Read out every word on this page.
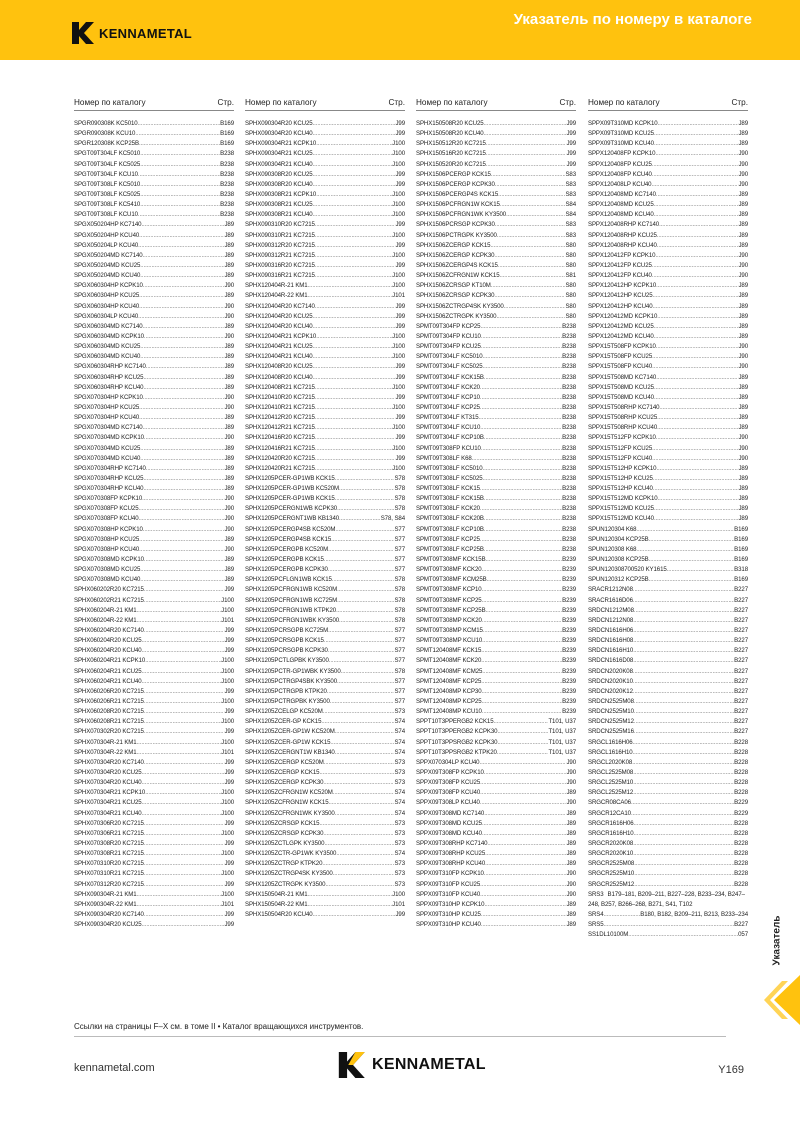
KENNAMETAL
Указатель по номеру в каталоге
Номер по каталогу	Стр.
SPGR090308K KC5010 .....	B169
SPGR090308K KCU10 .....	B169
SPGR120308K KCP25B .....	B169
SPGT09T304LF KC5010 .....	B238
SPGT09T304LF KC5025 .....	B238
SPGT09T304LF KCU10 .....	B238
SPGT09T308LF KC5010 .....	B238
SPGT09T308LF KC5025 .....	B238
SPGT09T308LF KC5410 .....	B238
SPGT09T308LF KCU10 .....	B238
SPGX050204HP KC7140 .....	J89
SPGX050204HP KCU40 .....	J89
SPGX050204LP KCU40 .....	J89
SPGX050204MD KC7140 .....	J89
SPGX050204MD KCU25 .....	J89
SPGX050204MD KCU40 .....	J89
SPGX060304HP KCPK10 .....	J90
SPGX060304HP KCU25 .....	J89
SPGX060304HP KCU40 .....	J90
SPGX060304LP KCU40 .....	J90
SPGX060304MD KC7140 .....	J89
SPGX060304MD KCPK10 .....	J90
SPGX060304MD KCU25 .....	J89
SPGX060304MD KCU40 .....	J89
SPGX060304RHP KC7140 .....	J89
SPGX060304RHP KCU25 .....	J89
SPGX060304RHP KCU40 .....	J89
SPGX070304HP KCPK10 .....	J90
SPGX070304HP KCU25 .....	J90
SPGX070304HP KCU40 .....	J89
SPGX070304MD KC7140 .....	J89
SPGX070304MD KCPK10 .....	J90
SPGX070304MD KCU25 .....	J89
SPGX070304MD KCU40 .....	J89
SPGX070304RHP KC7140 .....	J89
SPGX070304RHP KCU25 .....	J89
SPGX070304RHP KCU40 .....	J89
SPGX070308FP KCPK10 .....	J90
SPGX070308FP KCU25 .....	J90
SPGX070308FP KCU40 .....	J90
SPGX070308HP KCPK10 .....	J90
SPGX070308HP KCU25 .....	J89
SPGX070308HP KCU40 .....	J90
SPGX070308MD KCPK10 .....	J89
SPGX070308MD KCU25 .....	J89
SPGX070308MD KCU40 .....	J89
SPHX060202R20 KC7215 .....	J99
SPHX060202R21 KC7215 .....	J100
SPHX060204R-21 KM1 .....	J100
SPHX060204R-22 KM1 .....	J101
SPHX060204R20 KC7140 .....	J99
SPHX060204R20 KCU25 .....	J99
SPHX060204R20 KCU40 .....	J99
SPHX060204R21 KCPK10 .....	J100
SPHX060204R21 KCU25 .....	J100
SPHX060204R21 KCU40 .....	J100
SPHX060206R20 KC7215 .....	J99
SPHX060206R21 KC7215 .....	J100
SPHX060208R20 KC7215 .....	J99
SPHX060208R21 KC7215 .....	J100
SPHX070302R20 KC7215 .....	J99
SPHX070304R-21 KM1 .....	J100
SPHX070304R-22 KM1 .....	J101
SPHX070304R20 KC7140 .....	J99
SPHX070304R20 KCU25 .....	J99
SPHX070304R20 KCU40 .....	J99
SPHX070304R21 KCPK10 .....	J100
SPHX070304R21 KCU25 .....	J100
SPHX070304R21 KCU40 .....	J100
SPHX070306R20 KC7215 .....	J99
SPHX070306R21 KC7215 .....	J100
SPHX070308R20 KC7215 .....	J99
SPHX070308R21 KC7215 .....	J100
SPHX070310R20 KC7215 .....	J99
SPHX070310R21 KC7215 .....	J100
SPHX070312R20 KC7215 .....	J99
SPHX090304R-21 KM1 .....	J100
SPHX090304R-22 KM1 .....	J101
SPHX090304R20 KC7140 .....	J99
SPHX090304R20 KCU25 .....	J99
Номер по каталогу	Стр.
SPHX090304R20 KCU25 .....	J99
SPHX090304R20 KCU40 .....	J99
SPHX090304R21 KCPK10 .....	J100
SPHX090304R21 KCU25 .....	J100
SPHX090304R21 KCU40 .....	J100
SPHX090308R20 KCU25 .....	J99
SPHX090308R20 KCU40 .....	J99
SPHX090308R21 KCPK10 .....	J100
SPHX090308R21 KCU25 .....	J100
SPHX090308R21 KCU40 .....	J100
SPHX090310R20 KC7215 .....	J99
SPHX090310R21 KC7215 .....	J100
SPHX090312R20 KC7215 .....	J99
SPHX090312R21 KC7215 .....	J100
SPHX090316R20 KC7215 .....	J99
SPHX090316R21 KC7215 .....	J100
SPHX120404R-21 KM1 .....	J100
SPHX120404R-22 KM1 .....	J101
SPHX120404R20 KC7140 .....	J99
SPHX120404R20 KCU25 .....	J99
SPHX120404R20 KCU40 .....	J99
SPHX120404R21 KCPK10 .....	J100
SPHX120404R21 KCU25 .....	J100
SPHX120404R21 KCU40 .....	J100
SPHX120408R20 KCU25 .....	J99
SPHX120408R20 KCU40 .....	J99
SPHX120408R21 KC7215 .....	J100
SPHX120410R20 KC7215 .....	J99
SPHX120410R21 KC7215 .....	J100
SPHX120412R20 KC7215 .....	J99
SPHX120412R21 KC7215 .....	J100
SPHX120416R20 KC7215 .....	J99
SPHX120416R21 KC7215 .....	J100
SPHX120420R20 KC7215 .....	J99
SPHX120420R21 KC7215 .....	J100
SPHX1205PCER-GP1WB KCK15 .....	S78
SPHX1205PCER-GP1WB KC520M .....	S78
SPHX1205PCER-GP1WB KCK15 .....	S78
SPHX1205PCERGN1WB KCPK30 .....	S78
SPHX1205PCERGNT1WB KB1340 .....	S78, S84
SPHX1205PCERGP4SB KC520M .....	S77
SPHX1205PCERGP4SB KCK15 .....	S77
SPHX1205PCERGPB KC520M .....	S77
SPHX1205PCERGPB KCK15 .....	S77
SPHX1205PCERGPB KCPK30 .....	S77
SPHX1205PCFLGN1WB KCK15 .....	S78
SPHX1205PCFRGN1WB KC520M .....	S78
SPHX1205PCFRGN1WB KC725M .....	S78
SPHX1205PCFRGN1WB KTPK20 .....	S78
SPHX1205PCFRGN1WBK KY3500 .....	S78
SPHX1205PCRSGPB KC725M .....	S77
SPHX1205PCRSGPB KCK15 .....	S77
SPHX1205PCRSGPB KCPK30 .....	S77
SPHX1205PCTLGPBK KY3500 .....	S77
SPHX1205PCTR-GP1WBK KY3500 .....	S78
SPHX1205PCTRGP4SBK KY3500 .....	S77
SPHX1205PCTRGPB KTPK20 .....	S77
SPHX1205PCTRGPBK KY3500 .....	S77
SPHX1205ZCELGP KC520M .....	S73
SPHX1205ZCER-GP KCK15 .....	S74
SPHX1205ZCER-GP1W KC520M .....	S74
SPHX1205ZCER-GP1W KCK15 .....	S74
SPHX1205ZCERGNT1W KB1340 .....	S74
SPHX1205ZCERGP KC520M .....	S73
SPHX1205ZCERGP KCK15 .....	S73
SPHX1205ZCERGP KCPK30 .....	S73
SPHX1205ZCFRGN1W KC520M .....	S74
SPHX1205ZCFRGN1W KCK15 .....	S74
SPHX1205ZCFRGN1WK KY3500 .....	S74
SPHX1205ZCRSGP KCK15 .....	S73
SPHX1205ZCRSGP KCPK30 .....	S73
SPHX1205ZCTLGPK KY3500 .....	S73
SPHX1205ZCTR-GP1WK KY3500 .....	S74
SPHX1205ZCTRGP KTPK20 .....	S73
SPHX1205ZCTRGP4SK KY3500 .....	S73
SPHX1205ZCTRGPK KY3500 .....	S73
SPHX150504R-21 KM1 .....	J100
SPHX150504R-22 KM1 .....	J101
SPHX150504R20 KCU40 .....	J99
Номер по каталогу	Стр.
SPHX150508R20 KCU25 .....	J99
SPHX150508R20 KCU40 .....	J99
SPHX150512R20 KC7215 .....	J99
SPHX150516R20 KC7215 .....	J99
SPHX150520R20 KC7215 .....	J99
SPHX1506PCERGP KCK15 .....	S83
SPHX1506PCERGP KCPK30 .....	S83
SPHX1506PCERGP4S KCK15 .....	S83
SPHX1506PCFRGN1W KCK15 .....	S84
SPHX1506PCFRGN1WK KY3500 .....	S84
SPHX1506PCRSGP KCPK30 .....	S83
SPHX1506PCTRGPK KY3500 .....	S83
SPHX1506ZCERGP KCK15 .....	S80
SPHX1506ZCERGP KCPK30 .....	S80
SPHX1506ZCERGP4S KCK15 .....	S80
SPHX1506ZCFRGN1W KCK15 .....	S81
SPHX1506ZCRSGP KT10M .....	S80
SPHX1506ZCRSGP KCPK30 .....	S80
SPHX1506ZCTRGP4SK KY3500 .....	S80
SPHX1506ZCTRGPK KY3500 .....	S80
SPMT09T304FP KCP25 .....	B238
SPMT09T304FP KCU10 .....	B238
SPMT09T304FP KCU25 .....	B238
SPMT09T304LF KC5010 .....	B238
SPMT09T304LF KC5025 .....	B238
SPMT09T304LF KCK15B .....	B238
SPMT09T304LF KCK20 .....	B238
SPMT09T304LF KCP10 .....	B238
SPMT09T304LF KCP25 .....	B238
SPMT09T304LF KT315 .....	B238
SPMT09T304LF KCU10 .....	B238
SPMT09T304LF KCP10B .....	B238
SPMT09T308FP KCU10 .....	B238
SPMT09T308LF K68 .....	B238
SPMT09T308LF KC5010 .....	B238
SPMT09T308LF KC5025 .....	B238
SPMT09T308LF KCK15 .....	B238
SPMT09T308LF KCK15B .....	B238
SPMT09T308LF KCK20 .....	B238
SPMT09T308LF KCK20B .....	B238
SPMT09T308LF KCP10B .....	B238
SPMT09T308LF KCP25 .....	B238
SPMT09T308LF KCP25B .....	B238
SPMT09T308MF KCK15B .....	B239
SPMT09T308MF KCK20 .....	B239
SPMT09T308MF KCM25B .....	B239
SPMT09T308MF KCP10 .....	B239
SPMT09T308MF KCP25 .....	B239
SPMT09T308MF KCP25B .....	B239
SPMT09T308MP KCK20 .....	B239
SPMT09T308MP KCM15 .....	B239
SPMT09T308MP KCU10 .....	B239
SPMT120408MF KCK15 .....	B239
SPMT120408MF KCK20 .....	B239
SPMT120408MF KCM25 .....	B239
SPMT120408MF KCP25 .....	B239
SPMT120408MP KCP30 .....	B239
SPMT120408MP KCP25 .....	B239
SPMT120408MP KCU10 .....	B239
SPPT10T3PPERGB2 KCK15 .....	T101, U37
SPPT10T3PPERGB2 KCPK30 .....	T101, U37
SPPT10T3PPSRGB2 KCPK30 .....	T101, U37
SPPT10T3PPSRGB2 KTPK20 .....	T101, U37
SPPX070304LP KCU40 .....	J90
SPPX09T308FP KCPK10 .....	J90
SPPX09T308FP KCU25 .....	J90
SPPX09T308FP KCU40 .....	J89
SPPX09T308LP KCU40 .....	J90
SPPX09T308MD KC7140 .....	J89
SPPX09T308MD KCU25 .....	J89
SPPX09T308MD KCU40 .....	J89
SPPX09T308RHP KC7140 .....	J89
SPPX09T308RHP KCU25 .....	J89
SPPX09T308RHP KCU40 .....	J89
SPPX09T310FP KCPK10 .....	J90
SPPX09T310FP KCU25 .....	J90
SPPX09T310FP KCU40 .....	J90
SPPX09T310HP KCPK10 .....	J89
SPPX09T310HP KCU25 .....	J89
SPPX09T310HP KCU40 .....	J89
Номер по каталогу	Стр.
SPPX09T310MD KCPK10 .....	J89
SPPX09T310MD KCU25 .....	J89
SPPX09T310MD KCU40 .....	J89
SPPX120408FP KCPK10 .....	J90
SPPX120408FP KCU25 .....	J90
SPPX120408FP KCU40 .....	J90
SPPX120408LP KCU40 .....	J90
SPPX120408MD KC7140 .....	J89
SPPX120408MD KCU25 .....	J89
SPPX120408MD KCU40 .....	J89
SPPX120408RHP KC7140 .....	J89
SPPX120408RHP KCU25 .....	J89
SPPX120408RHP KCU40 .....	J89
SPPX120412FP KCPK10 .....	J90
SPPX120412FP KCU25 .....	J90
SPPX120412FP KCU40 .....	J90
SPPX120412HP KCPK10 .....	J89
SPPX120412HP KCU25 .....	J89
SPPX120412HP KCU40 .....	J89
SPPX120412MD KCPK10 .....	J89
SPPX120412MD KCU25 .....	J89
SPPX120412MD KCU40 .....	J89
SPPX15T508FP KCPK10 .....	J90
SPPX15T508FP KCU25 .....	J90
SPPX15T508FP KCU40 .....	J90
SPPX15T508MD KC7140 .....	J89
SPPX15T508MD KCU25 .....	J89
SPPX15T508MD KCU40 .....	J89
SPPX15T508RHP KC7140 .....	J89
SPPX15T508RHP KCU25 .....	J89
SPPX15T508RHP KCU40 .....	J89
SPPX15T512FP KCPK10 .....	J90
SPPX15T512FP KCU25 .....	J90
SPPX15T512FP KCU40 .....	J90
SPPX15T512HP KCPK10 .....	J89
SPPX15T512HP KCU25 .....	J89
SPPX15T512HP KCU40 .....	J89
SPPX15T512MD KCPK10 .....	J89
SPPX15T512MD KCU25 .....	J89
SPPX15T512MD KCU40 .....	J89
SPUN120304 K68 .....	B169
SPUN120304 KCP25B .....	B169
SPUN120308 K68 .....	B169
SPUN120308 KCP25B .....	B169
SPUN120308700520 KY1615 .....	B318
SPUN120312 KCP25B .....	B169
SRACR1212N08 .....	B227
SRACR1616D06 .....	B227
SRDCN1212M08 .....	B227
SRDCN1212N08 .....	B227
SRDCN1616H06 .....	B227
SRDCN1616H08 .....	B227
SRDCN1616H10 .....	B227
SRDCN1616D08 .....	B227
SRDCN2020K08 .....	B227
SRDCN2020K10 .....	B227
SRDCN2020K12 .....	B227
SRDCN2525M08 .....	B227
SRDCN2525M10 .....	B227
SRDCN2525M12 .....	B227
SRDCN2525M16 .....	B227
SRGCL1616H06 .....	B228
SRGCL1616H10 .....	B228
SRGCL2020K08 .....	B228
SRGCL2525M08 .....	B228
SRGCL2525M10 .....	B228
SRGCL2525M12 .....	B228
SRGCR08CA06 .....	B229
SRGCR12CA10 .....	B229
SRGCR1616H06 .....	B228
SRGCR1616H10 .....	B228
SRGCR2020K08 .....	B228
SRGCR2020K10 .....	B228
SRGCR2525M08 .....	B228
SRGCR2525M10 .....	B228
SRGCR2525M12 .....	B228
SRS3 B179–181, B209–211, B227–228, B233–234, B247–248, B257, B266–268, B271, S41, T102
SRS4 .....	B180, B182, B209–211, B213, B233–234
SRS5 .....	B227
SS1DL10100M .....	057
Ссылки на страницы F–X см. в томе II • Каталог вращающихся инструментов.
kennametal.com	KENNAMETAL	Y169
Указатель
